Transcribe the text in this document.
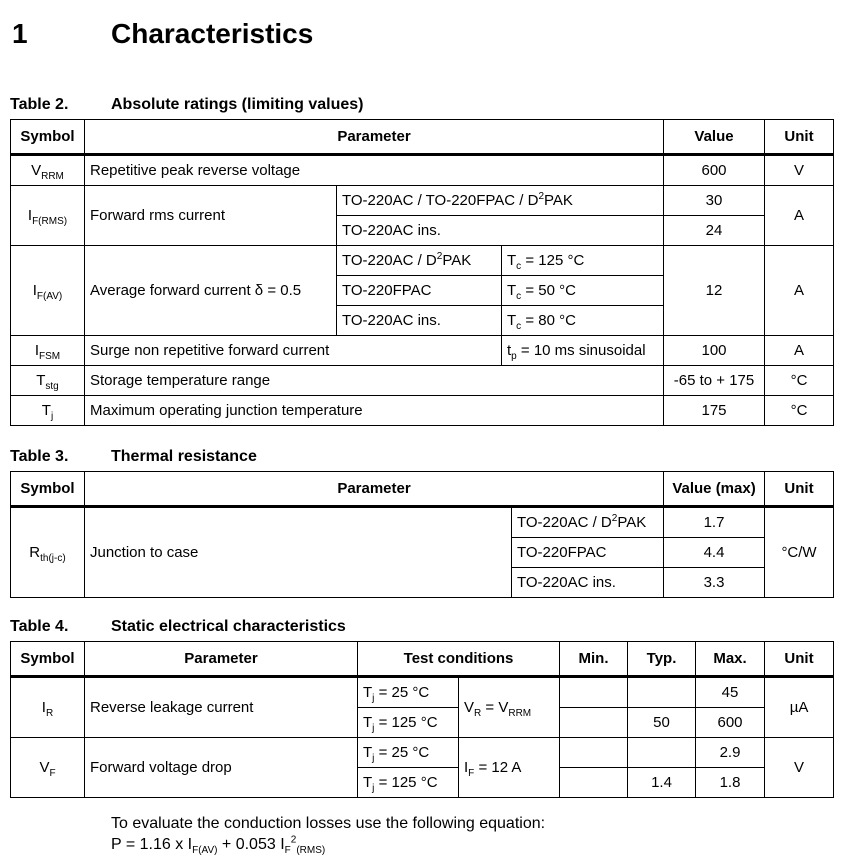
1	Characteristics
Table 2.	Absolute ratings (limiting values)
Symbol	Parameter			Value	Unit
$V_{RRM}$	Repetitive peak reverse voltage			600	V
$I_{F(RMS)}$	Forward rms current	TO-220AC / TO-220FPAC / $D^2PAK$		30	A
		TO-220AC ins.		24	
$I_{F(AV)}$	Average forward current δ = 0.5	$TO-220AC / D^2PAK$	$T_c = 125$ °C	12	A
		TO-220FPAC	$T_c = 50$ °C		
		TO-220AC ins.	$T_c = 80$ °C		
$I_{FSM}$	Surge non repetitive forward current		$t_p = 10$ ms sinusoidal	100	A
$T_{stg}$	Storage temperature range			-65 to + 175	°C
$T_j$	Maximum operating junction temperature			175	°C
Table 3.	Thermal resistance
Symbol	Parameter		Value (max)	Unit
$R_{th(j-c)}$	Junction to case	$TO-220AC / D^2PAK$	1.7	°C/W
		TO-220FPAC	4.4	
		TO-220AC ins.	3.3	
Table 4.	Static electrical characteristics
Symbol	Parameter	Test conditions		Min.	Typ.	Max.	Unit
$I_R$	Reverse leakage current	$T_j = 25$ °C	$V_R = V_{RRM}$			45	µA
		$T_j = 125$ °C			50	600	
$V_F$	Forward voltage drop	$T_j = 25$ °C	$I_F = 12$ A			2.9	V
		$T_j = 125$ °C			1.4	1.8	
To evaluate the conduction losses use the following equation:
P = 1.16 x $I_{F(AV)} + 0.053$ $I_F^2_{(RMS)}$
